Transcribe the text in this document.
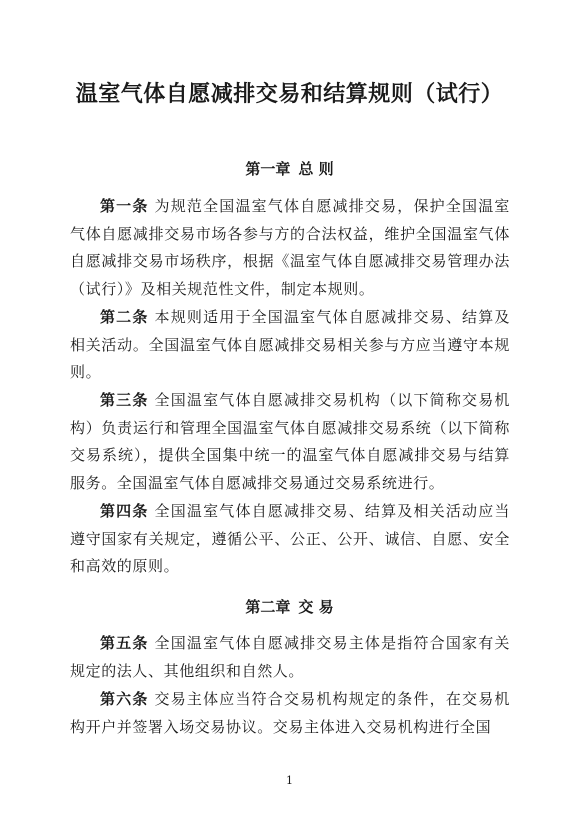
温室气体自愿减排交易和结算规则（试行）
第一章 总 则

第一条 为规范全国温室气体自愿减排交易，保护全国温室气体自愿减排交易市场各参与方的合法权益，维护全国温室气体自愿减排交易市场秩序，根据《温室气体自愿减排交易管理办法（试行）》及相关规范性文件，制定本规则。

第二条 本规则适用于全国温室气体自愿减排交易、结算及相关活动。全国温室气体自愿减排交易相关参与方应当遵守本规则。

第三条 全国温室气体自愿减排交易机构（以下简称交易机构）负责运行和管理全国温室气体自愿减排交易系统（以下简称交易系统），提供全国集中统一的温室气体自愿减排交易与结算服务。全国温室气体自愿减排交易通过交易系统进行。

第四条 全国温室气体自愿减排交易、结算及相关活动应当遵守国家有关规定，遵循公平、公正、公开、诚信、自愿、安全和高效的原则。

第二章 交 易

第五条 全国温室气体自愿减排交易主体是指符合国家有关规定的法人、其他组织和自然人。

第六条 交易主体应当符合交易机构规定的条件，在交易机构开户并签署入场交易协议。交易主体进入交易机构进行全国

1
